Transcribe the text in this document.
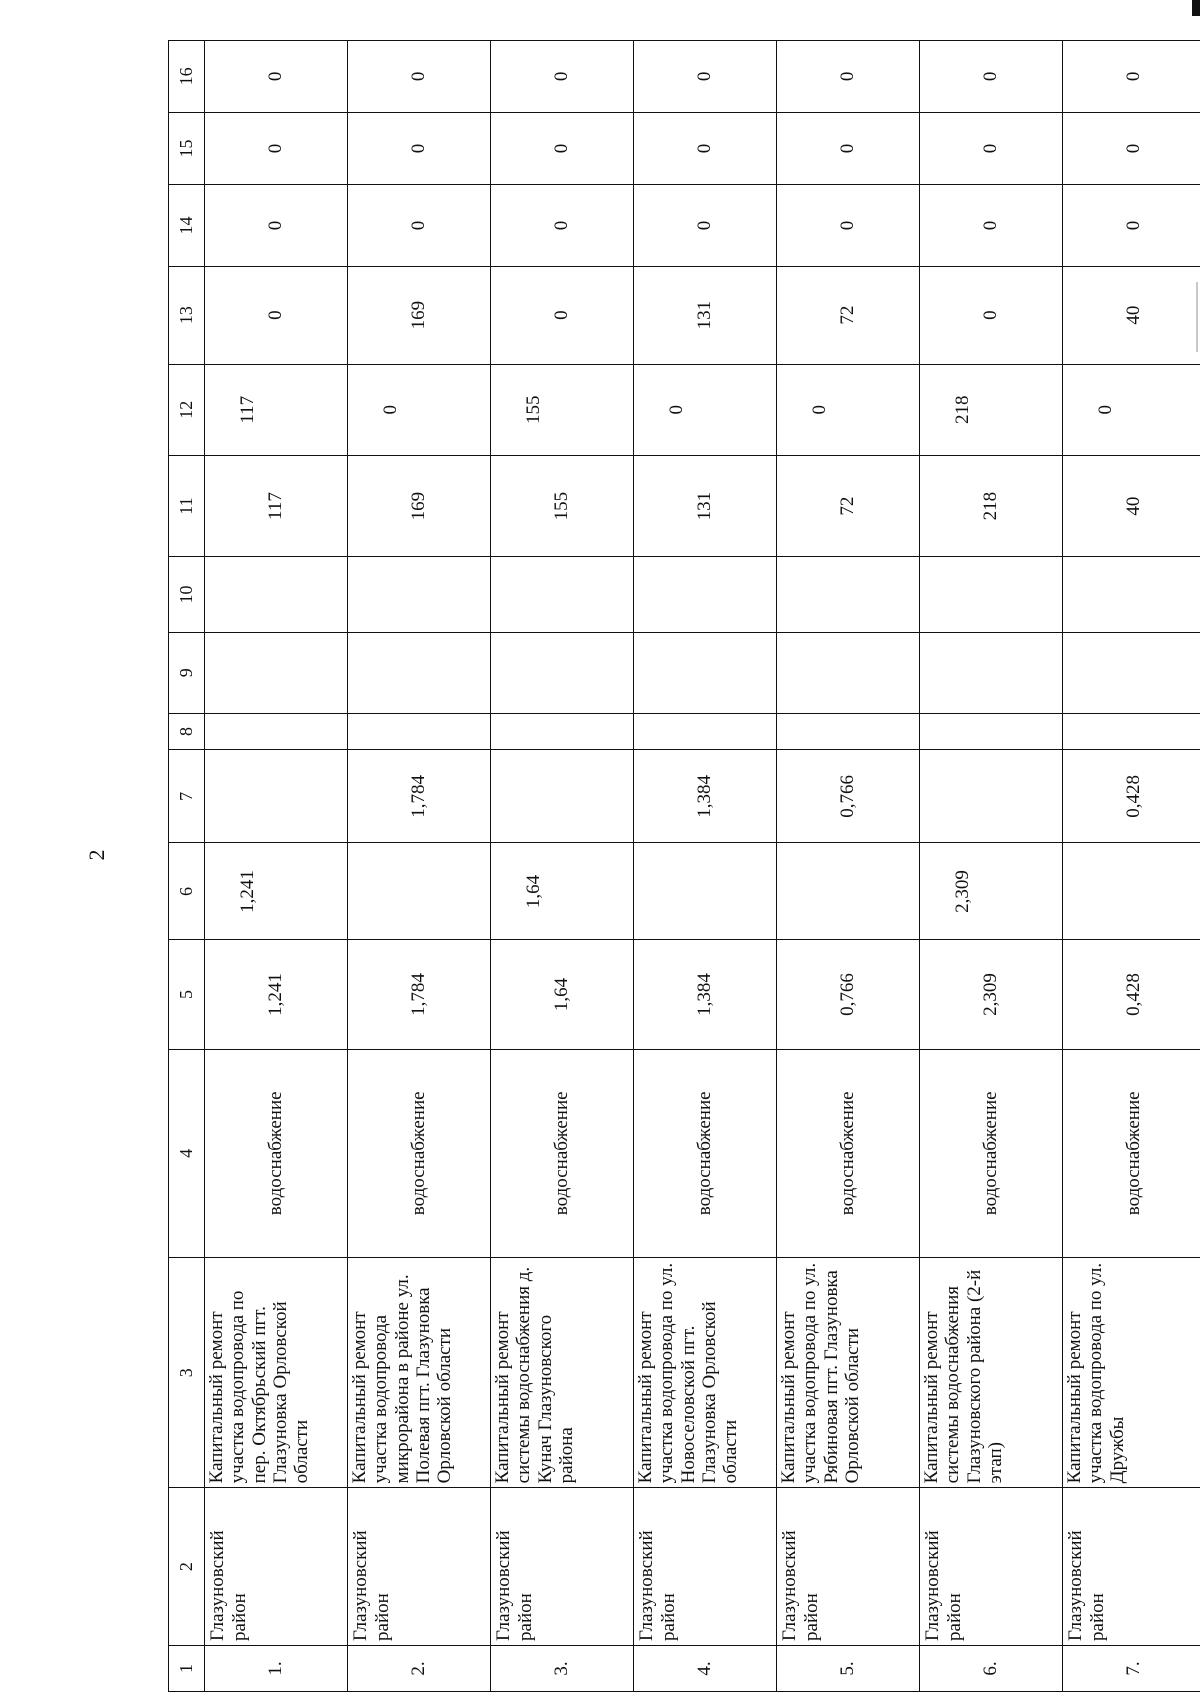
2
1	2	3	4	5	6	7	8	9	10	11	12	13	14	15	16
1.	Глазуновский район	Капитальный ремонт участка водопровода по пер. Октябрьский пгт. Глазуновка Орловской области	водоснабжение	1,241	1,241					117	117	0	0	0	0
2.	Глазуновский район	Капитальный ремонт участка водопровода микрорайона в районе ул. Полевая пгт. Глазуновка Орловской области	водоснабжение	1,784		1,784				169	0	169	0	0	0
3.	Глазуновский район	Капитальный ремонт системы водоснабжения д. Кунач Глазуновского района	водоснабжение	1,64	1,64					155	155	0	0	0	0
4.	Глазуновский район	Капитальный ремонт участка водопровода по ул. Новоселовской пгт. Глазуновка Орловской области	водоснабжение	1,384		1,384				131	0	131	0	0	0
5.	Глазуновский район	Капитальный ремонт участка водопровода по ул. Рябиновая пгт. Глазуновка Орловской области	водоснабжение	0,766		0,766				72	0	72	0	0	0
6.	Глазуновский район	Капитальный ремонт системы водоснабжения Глазуновского района (2-й этап)	водоснабжение	2,309	2,309					218	218	0	0	0	0
7.	Глазуновский район	Капитальный ремонт участка водопровода по ул. Дружбы	водоснабжение	0,428		0,428				40	0	40	0	0	0
